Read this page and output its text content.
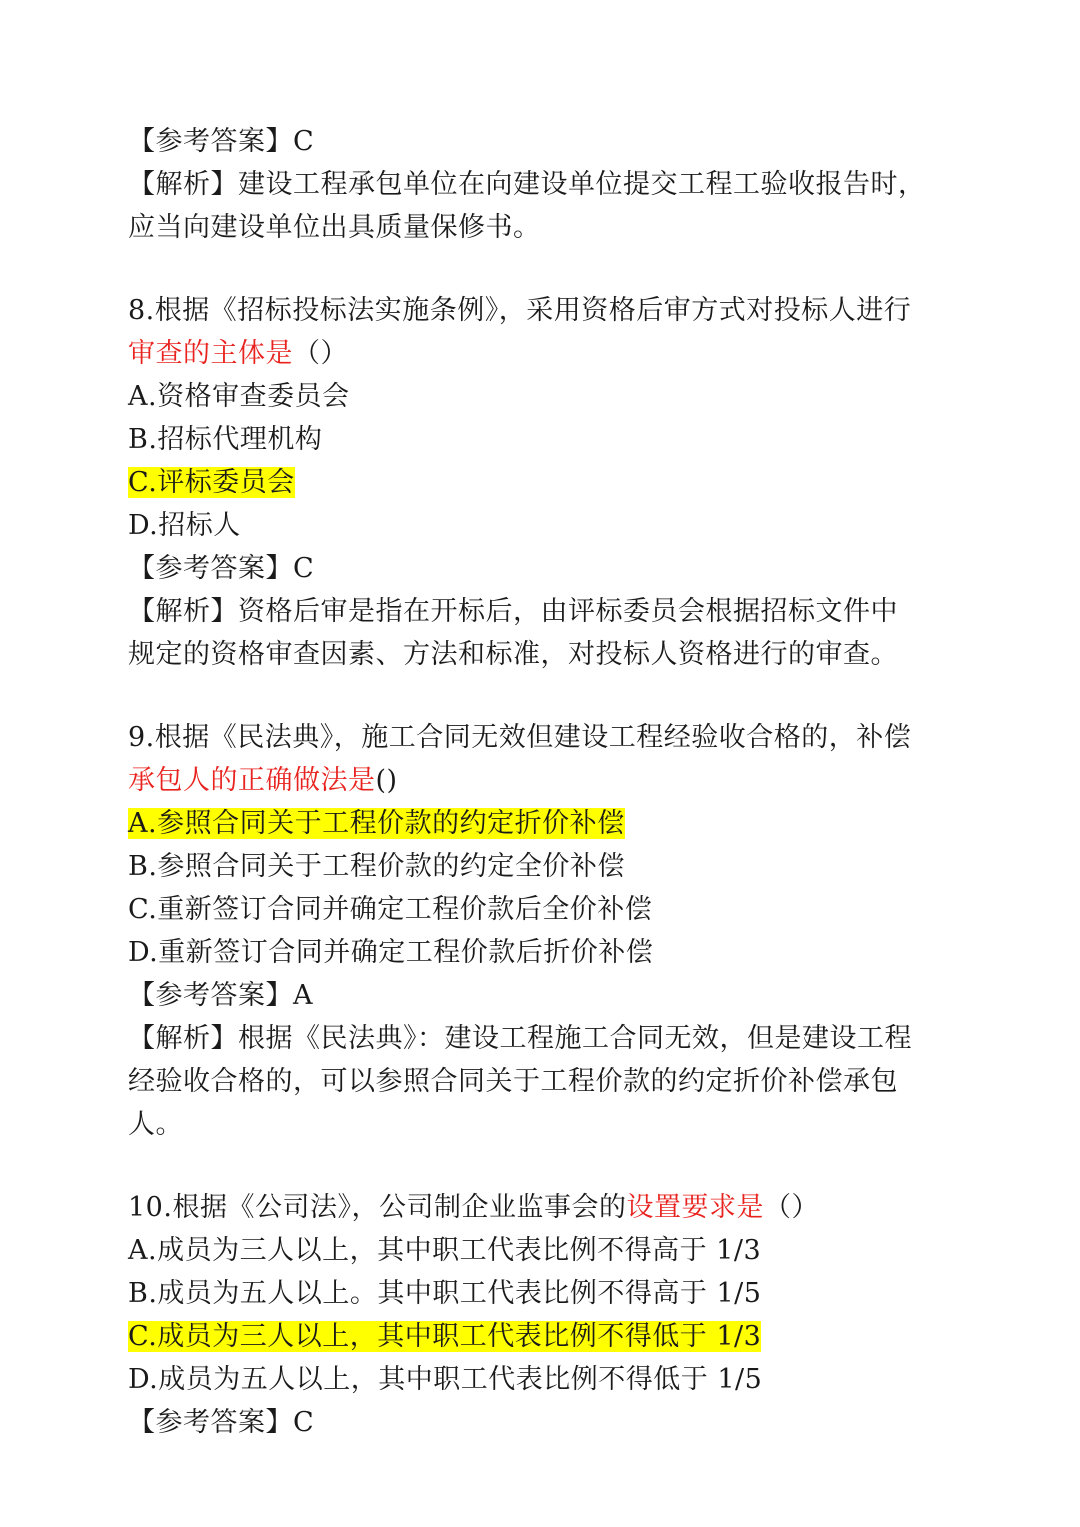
【参考答案】C
【解析】建设工程承包单位在向建设单位提交工程工验收报告时，
应当向建设单位出具质量保修书。
8.根据《招标投标法实施条例》，采用资格后审方式对投标人进行
审查的主体是（）
A.资格审查委员会
B.招标代理机构
C.评标委员会
D.招标人
【参考答案】C
【解析】资格后审是指在开标后，由评标委员会根据招标文件中
规定的资格审查因素、方法和标准，对投标人资格进行的审查。
9.根据《民法典》，施工合同无效但建设工程经验收合格的，补偿
承包人的正确做法是()
A.参照合同关于工程价款的约定折价补偿
B.参照合同关于工程价款的约定全价补偿
C.重新签订合同并确定工程价款后全价补偿
D.重新签订合同并确定工程价款后折价补偿
【参考答案】A
【解析】根据《民法典》：建设工程施工合同无效，但是建设工程
经验收合格的，可以参照合同关于工程价款的约定折价补偿承包
人。
10.根据《公司法》，公司制企业监事会的设置要求是（）
A.成员为三人以上，其中职工代表比例不得高于 1/3
B.成员为五人以上。其中职工代表比例不得高于 1/5
C.成员为三人以上，其中职工代表比例不得低于 1/3
D.成员为五人以上，其中职工代表比例不得低于 1/5
【参考答案】C
